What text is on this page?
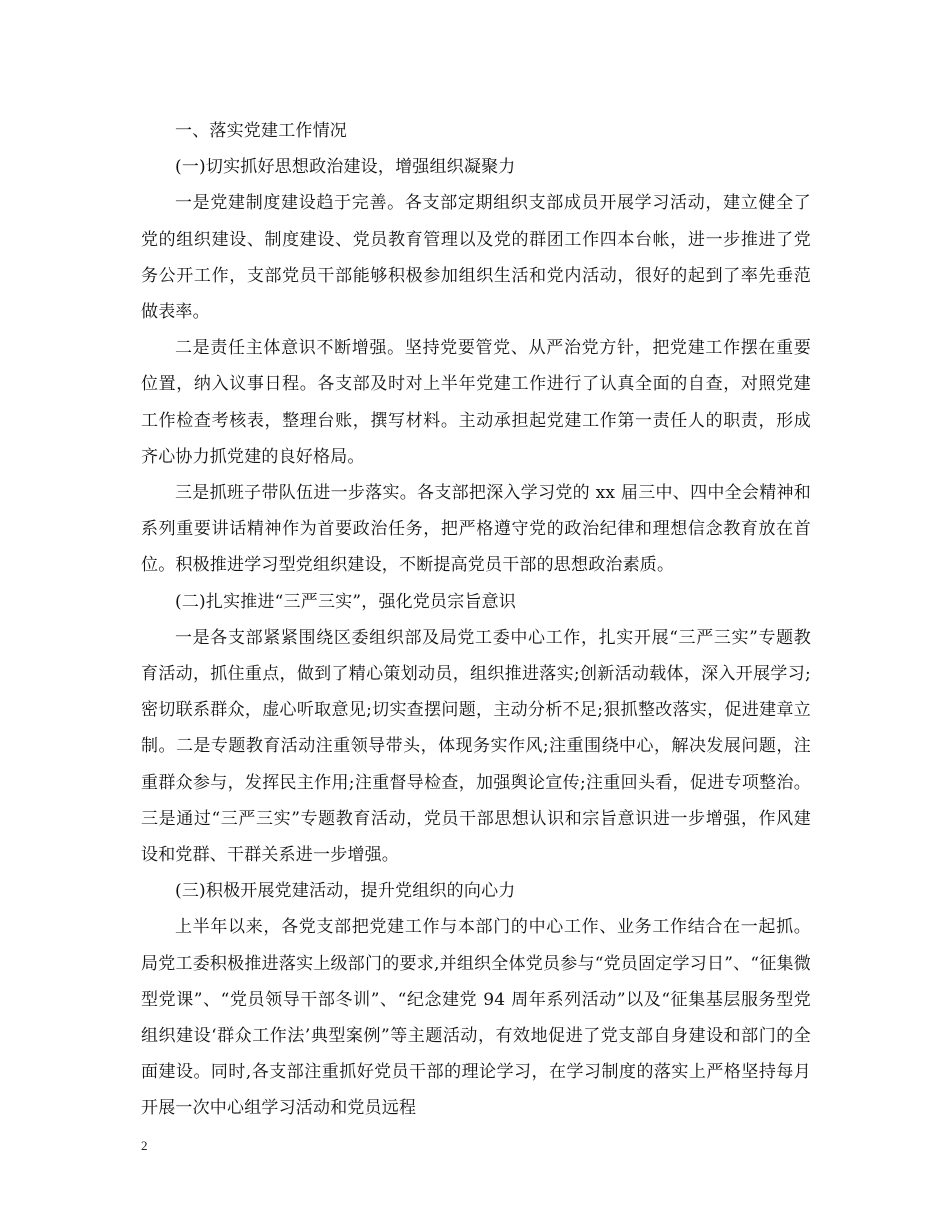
一、落实党建工作情况

(一)切实抓好思想政治建设，增强组织凝聚力

一是党建制度建设趋于完善。各支部定期组织支部成员开展学习活动，建立健全了党的组织建设、制度建设、党员教育管理以及党的群团工作四本台帐，进一步推进了党务公开工作，支部党员干部能够积极参加组织生活和党内活动，很好的起到了率先垂范做表率。

二是责任主体意识不断增强。坚持党要管党、从严治党方针，把党建工作摆在重要位置，纳入议事日程。各支部及时对上半年党建工作进行了认真全面的自查，对照党建工作检查考核表，整理台账，撰写材料。主动承担起党建工作第一责任人的职责，形成齐心协力抓党建的良好格局。

三是抓班子带队伍进一步落实。各支部把深入学习党的 xx 届三中、四中全会精神和系列重要讲话精神作为首要政治任务，把严格遵守党的政治纪律和理想信念教育放在首位。积极推进学习型党组织建设，不断提高党员干部的思想政治素质。

(二)扎实推进“三严三实”，强化党员宗旨意识

一是各支部紧紧围绕区委组织部及局党工委中心工作，扎实开展“三严三实”专题教育活动，抓住重点，做到了精心策划动员，组织推进落实;创新活动载体，深入开展学习;密切联系群众，虚心听取意见;切实查摆问题，主动分析不足;狠抓整改落实，促进建章立制。二是专题教育活动注重领导带头，体现务实作风;注重围绕中心，解决发展问题，注重群众参与，发挥民主作用;注重督导检查，加强舆论宣传;注重回头看，促进专项整治。三是通过“三严三实”专题教育活动，党员干部思想认识和宗旨意识进一步增强，作风建设和党群、干群关系进一步增强。

(三)积极开展党建活动，提升党组织的向心力

上半年以来，各党支部把党建工作与本部门的中心工作、业务工作结合在一起抓。局党工委积极推进落实上级部门的要求,并组织全体党员参与“党员固定学习日”、“征集微型党课”、“党员领导干部冬训”、“纪念建党 94 周年系列活动”以及“征集基层服务型党组织建设‘群众工作法’典型案例”等主题活动，有效地促进了党支部自身建设和部门的全面建设。同时,各支部注重抓好党员干部的理论学习，在学习制度的落实上严格坚持每月开展一次中心组学习活动和党员远程

2
